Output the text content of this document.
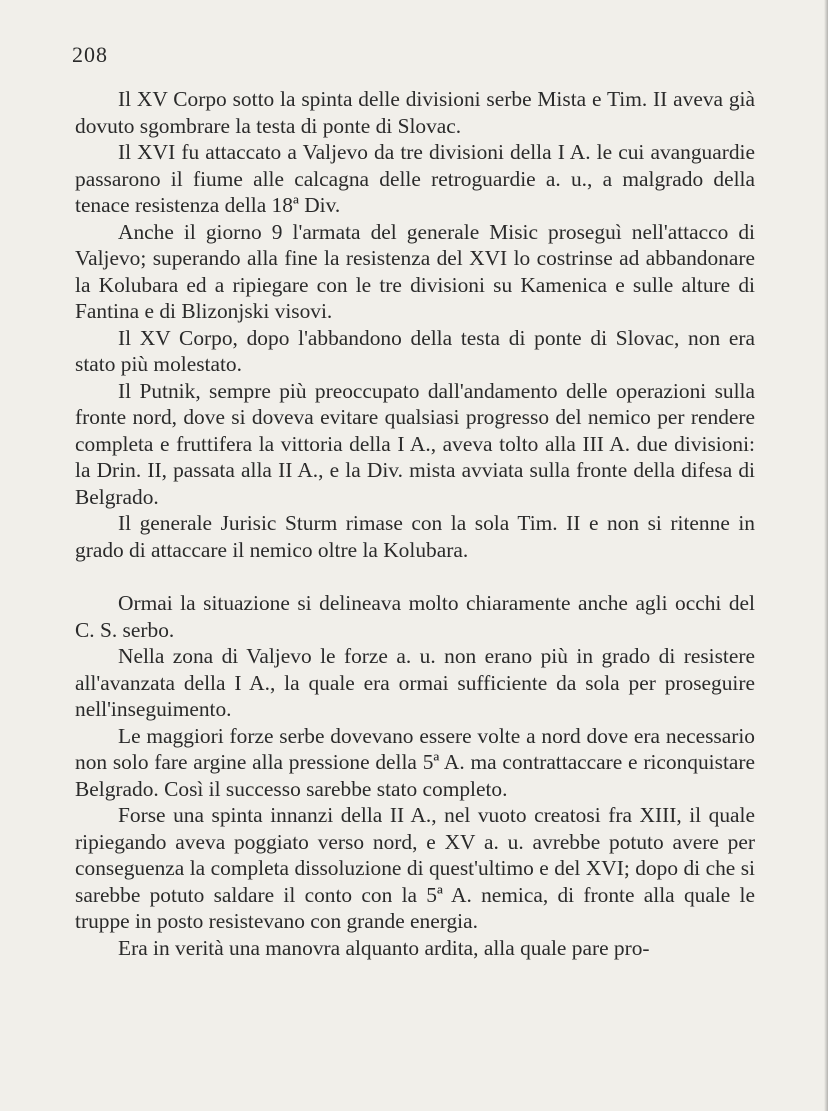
208

Il XV Corpo sotto la spinta delle divisioni serbe Mista e Tim. II aveva già dovuto sgombrare la testa di ponte di Slovac.

Il XVI fu attaccato a Valjevo da tre divisioni della I A. le cui avanguardie passarono il fiume alle calcagna delle retroguardie a. u., a malgrado della tenace resistenza della 18ª Div.

Anche il giorno 9 l'armata del generale Misic proseguì nell'attacco di Valjevo; superando alla fine la resistenza del XVI lo costrinse ad abbandonare la Kolubara ed a ripiegare con le tre divisioni su Kamenica e sulle alture di Fantina e di Blizonjski visovi.

Il XV Corpo, dopo l'abbandono della testa di ponte di Slovac, non era stato più molestato.

Il Putnik, sempre più preoccupato dall'andamento delle operazioni sulla fronte nord, dove si doveva evitare qualsiasi progresso del nemico per rendere completa e fruttifera la vittoria della I A., aveva tolto alla III A. due divisioni: la Drin. II, passata alla II A., e la Div. mista avviata sulla fronte della difesa di Belgrado.

Il generale Jurisic Sturm rimase con la sola Tim. II e non si ritenne in grado di attaccare il nemico oltre la Kolubara.

Ormai la situazione si delineava molto chiaramente anche agli occhi del C. S. serbo.

Nella zona di Valjevo le forze a. u. non erano più in grado di resistere all'avanzata della I A., la quale era ormai sufficiente da sola per proseguire nell'inseguimento.

Le maggiori forze serbe dovevano essere volte a nord dove era necessario non solo fare argine alla pressione della 5ª A. ma contrattaccare e riconquistare Belgrado. Così il successo sarebbe stato completo.

Forse una spinta innanzi della II A., nel vuoto creatosi fra XIII, il quale ripiegando aveva poggiato verso nord, e XV a. u. avrebbe potuto avere per conseguenza la completa dissoluzione di quest'ultimo e del XVI; dopo di che si sarebbe potuto saldare il conto con la 5ª A. nemica, di fronte alla quale le truppe in posto resistevano con grande energia.

Era in verità una manovra alquanto ardita, alla quale pare pro-
